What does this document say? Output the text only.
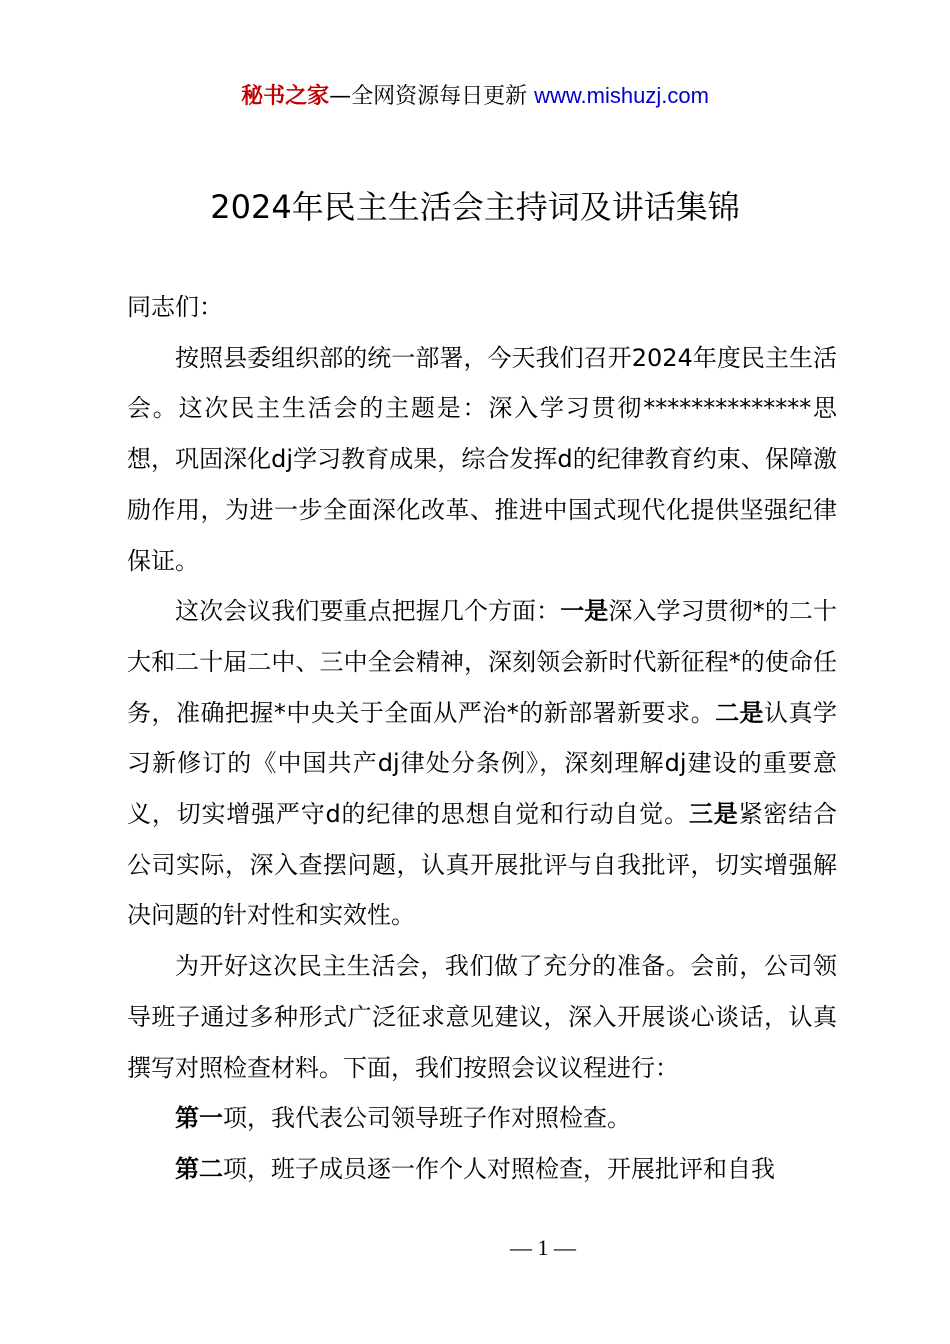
秘书之家—全网资源每日更新 www.mishuzj.com
2024年民主生活会主持词及讲话集锦

同志们：

按照县委组织部的统一部署，今天我们召开2024年度民主生活会。这次民主生活会的主题是：深入学习贯彻**************思想，巩固深化dj学习教育成果，综合发挥d的纪律教育约束、保障激励作用，为进一步全面深化改革、推进中国式现代化提供坚强纪律保证。

这次会议我们要重点把握几个方面：一是深入学习贯彻*的二十大和二十届二中、三中全会精神，深刻领会新时代新征程*的使命任务，准确把握*中央关于全面从严治*的新部署新要求。二是认真学习新修订的《中国共产dj律处分条例》，深刻理解dj建设的重要意义，切实增强严守d的纪律的思想自觉和行动自觉。三是紧密结合公司实际，深入查摆问题，认真开展批评与自我批评，切实增强解决问题的针对性和实效性。

为开好这次民主生活会，我们做了充分的准备。会前，公司领导班子通过多种形式广泛征求意见建议，深入开展谈心谈话，认真撰写对照检查材料。下面，我们按照会议议程进行：

第一项，我代表公司领导班子作对照检查。

第二项，班子成员逐一作个人对照检查，开展批评和自我

— 1 —
